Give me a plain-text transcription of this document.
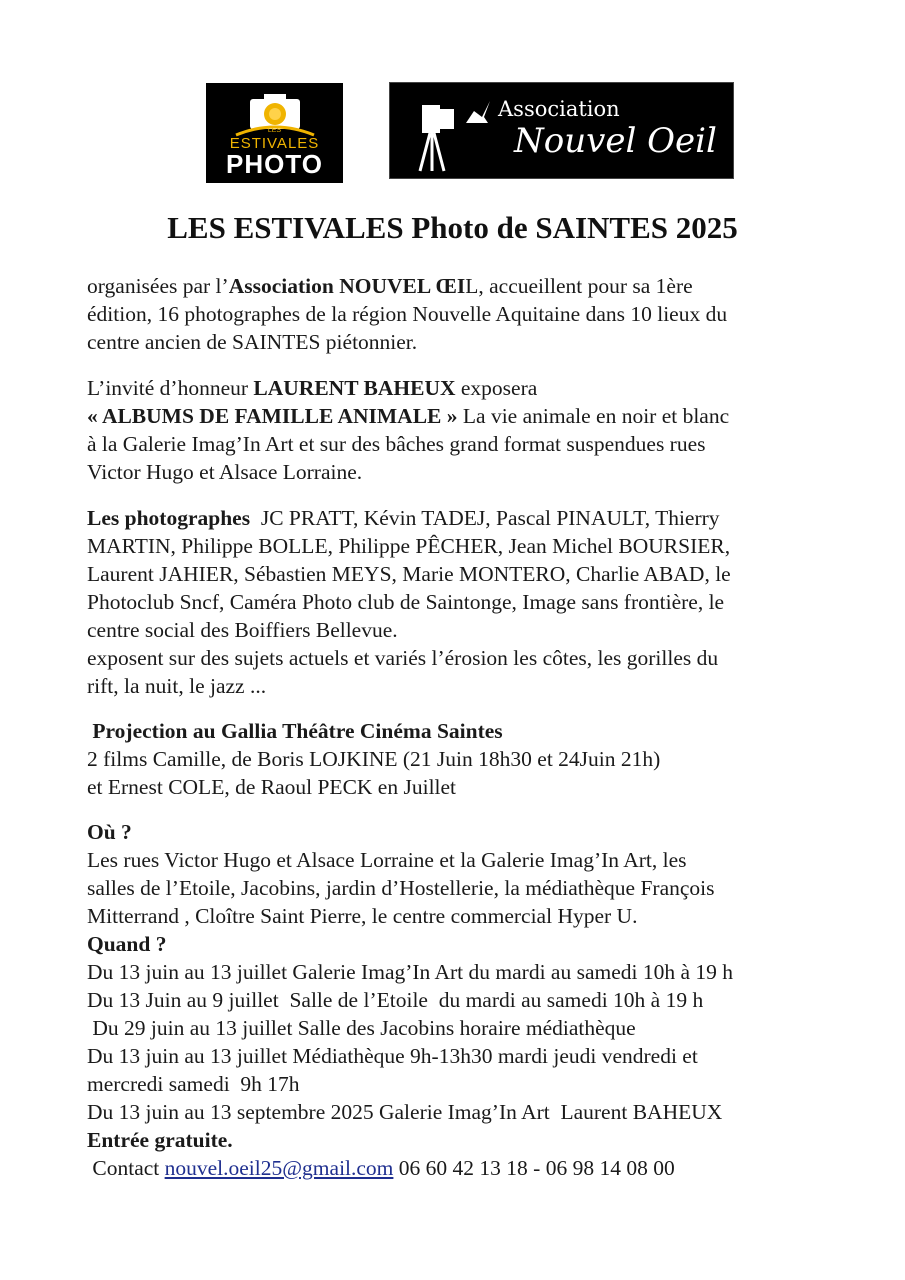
LES
ESTIVALES
PHOTO
Association
Nouvel Oeil
LES ESTIVALES Photo de SAINTES 2025
organisées par l’Association NOUVEL ŒIL, accueillent pour sa 1ère
édition, 16 photographes de la région Nouvelle Aquitaine dans 10 lieux du
centre ancien de SAINTES piétonnier.
L’invité d’honneur LAURENT BAHEUX exposera
« ALBUMS DE FAMILLE ANIMALE » La vie animale en noir et blanc
à la Galerie Imag’In Art et sur des bâches grand format suspendues rues
Victor Hugo et Alsace Lorraine.
Les photographes  JC PRATT, Kévin TADEJ, Pascal PINAULT, Thierry
MARTIN, Philippe BOLLE, Philippe PÊCHER, Jean Michel BOURSIER,
Laurent JAHIER, Sébastien MEYS, Marie MONTERO, Charlie ABAD, le
Photoclub Sncf, Caméra Photo club de Saintonge, Image sans frontière, le
centre social des Boiffiers Bellevue.
exposent sur des sujets actuels et variés l’érosion les côtes, les gorilles du
rift, la nuit, le jazz ...
Projection au Gallia Théâtre Cinéma Saintes
2 films Camille, de Boris LOJKINE (21 Juin 18h30 et 24Juin 21h)
et Ernest COLE, de Raoul PECK en Juillet
Où ?
Les rues Victor Hugo et Alsace Lorraine et la Galerie Imag’In Art, les
salles de l’Etoile, Jacobins, jardin d’Hostellerie, la médiathèque François
Mitterrand , Cloître Saint Pierre, le centre commercial Hyper U.
Quand ?
Du 13 juin au 13 juillet Galerie Imag’In Art du mardi au samedi 10h à 19 h
Du 13 Juin au 9 juillet  Salle de l’Etoile  du mardi au samedi 10h à 19 h
Du 29 juin au 13 juillet Salle des Jacobins horaire médiathèque
Du 13 juin au 13 juillet Médiathèque 9h-13h30 mardi jeudi vendredi et
mercredi samedi  9h 17h
Du 13 juin au 13 septembre 2025 Galerie Imag’In Art  Laurent BAHEUX
Entrée gratuite.
Contact nouvel.oeil25@gmail.com 06 60 42 13 18 - 06 98 14 08 00
